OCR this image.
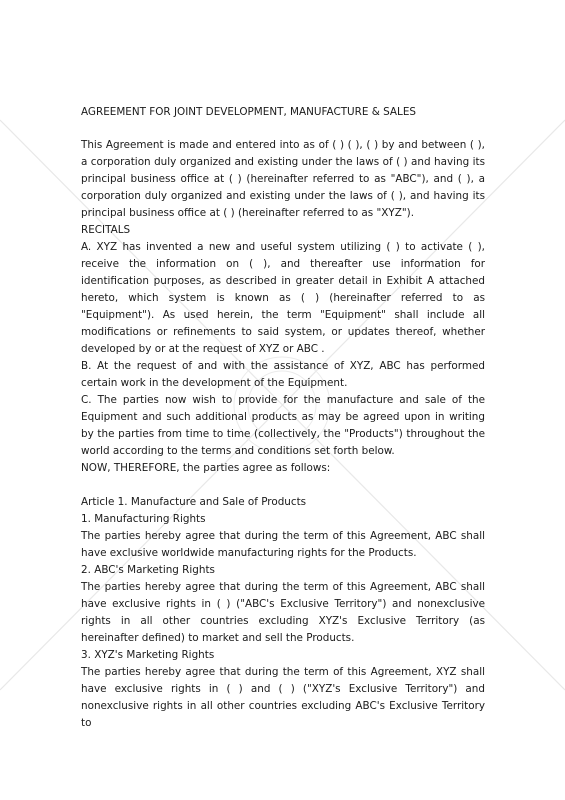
AGREEMENT FOR JOINT DEVELOPMENT, MANUFACTURE & SALES

This Agreement is made and entered into as of ( ) ( ), ( ) by and between ( ), a corporation duly organized and existing under the laws of ( ) and having its principal business office at ( ) (hereinafter referred to as "ABC"), and ( ), a corporation duly organized and existing under the laws of ( ), and having its principal business office at ( ) (hereinafter referred to as "XYZ").

RECITALS

A. XYZ has invented a new and useful system utilizing ( ) to activate ( ), receive the information on ( ), and thereafter use information for identification purposes, as described in greater detail in Exhibit A attached hereto, which system is known as ( ) (hereinafter referred to as "Equipment"). As used herein, the term "Equipment" shall include all modifications or refinements to said system, or updates thereof, whether developed by or at the request of XYZ or ABC .

B. At the request of and with the assistance of XYZ, ABC has performed certain work in the development of the Equipment.

C. The parties now wish to provide for the manufacture and sale of the Equipment and such additional products as may be agreed upon in writing by the parties from time to time (collectively, the "Products") throughout the world according to the terms and conditions set forth below.

NOW, THEREFORE, the parties agree as follows:

Article 1. Manufacture and Sale of Products

1. Manufacturing Rights

The parties hereby agree that during the term of this Agreement, ABC shall have exclusive worldwide manufacturing rights for the Products.

2. ABC's Marketing Rights

The parties hereby agree that during the term of this Agreement, ABC shall have exclusive rights in ( ) ("ABC's Exclusive Territory") and nonexclusive rights in all other countries excluding XYZ's Exclusive Territory (as hereinafter defined) to market and sell the Products.

3. XYZ's Marketing Rights

The parties hereby agree that during the term of this Agreement, XYZ shall have exclusive rights in ( ) and ( ) ("XYZ's Exclusive Territory") and nonexclusive rights in all other countries excluding ABC's Exclusive Territory to
